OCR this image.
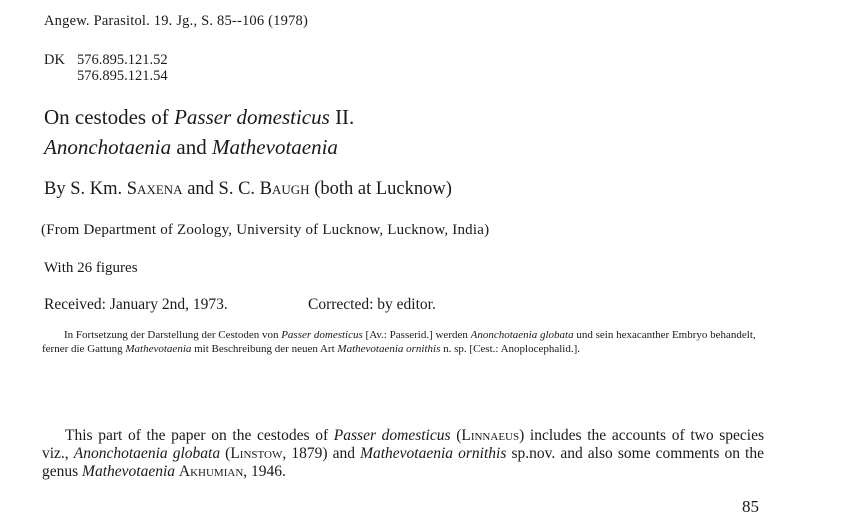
Angew. Parasitol. 19. Jg., S. 85--106 (1978)
DK 576.895.121.52
576.895.121.54
On cestodes of Passer domesticus II.
Anonchotaenia and Mathevotaenia
By S. Km. Saxena and S. C. Baugh (both at Lucknow)
(From Department of Zoology, University of Lucknow, Lucknow, India)
With 26 figures
Received: January 2nd, 1973.	Corrected: by editor.

In Fortsetzung der Darstellung der Cestoden von Passer domesticus [Av.: Passerid.] werden Anonchotaenia globata und sein hexacanther Embryo behandelt, ferner die Gattung Mathevotaenia mit Beschreibung der neuen Art Mathevotaenia ornithis n. sp. [Cest.: Anoplocephalid.].

This part of the paper on the cestodes of Passer domesticus (Linnaeus) includes the accounts of two species viz., Anonchotaenia globata (Linstow, 1879) and Mathevotaenia ornithis sp.nov. and also some comments on the genus Mathevotaenia Akhumian, 1946.

85
